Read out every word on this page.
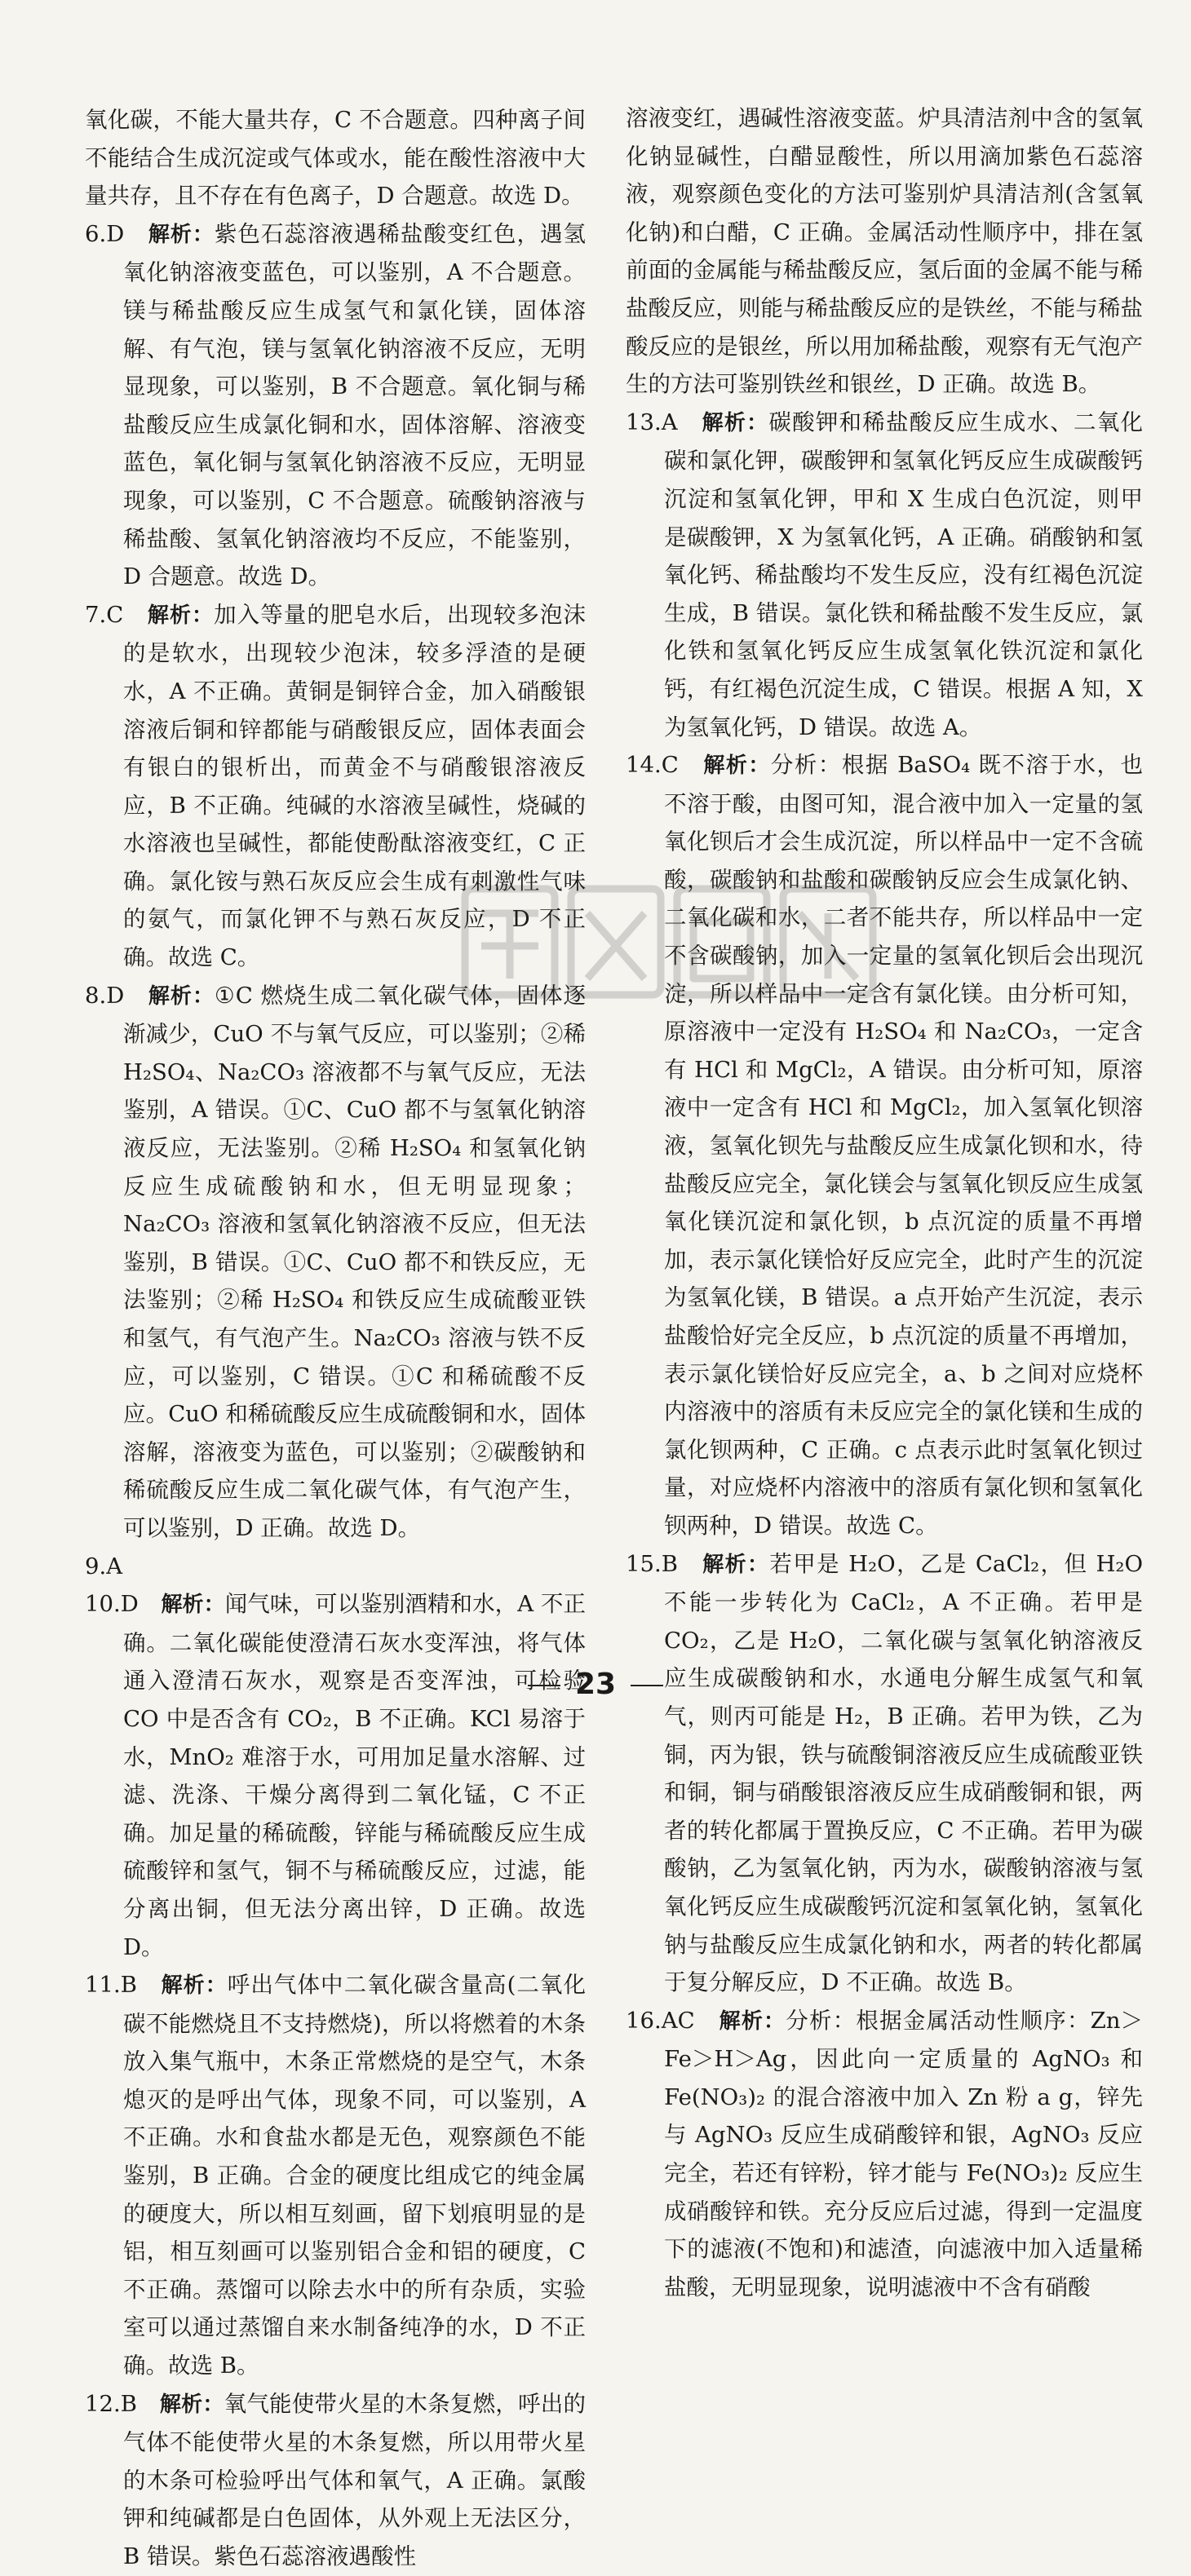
氧化碳，不能大量共存，C 不合题意。四种离子间不能结合生成沉淀或气体或水，能在酸性溶液中大量共存，且不存在有色离子，D 合题意。故选 D。

6.D　 解析：紫色石蕊溶液遇稀盐酸变红色，遇氢氧化钠溶液变蓝色，可以鉴别，A 不合题意。镁与稀盐酸反应生成氢气和氯化镁，固体溶解、有气泡，镁与氢氧化钠溶液不反应，无明显现象，可以鉴别，B 不合题意。氧化铜与稀盐酸反应生成氯化铜和水，固体溶解、溶液变蓝色，氧化铜与氢氧化钠溶液不反应，无明显现象，可以鉴别，C 不合题意。硫酸钠溶液与稀盐酸、氢氧化钠溶液均不反应，不能鉴别，D 合题意。故选 D。

7.C　 解析：加入等量的肥皂水后，出现较多泡沫的是软水，出现较少泡沫，较多浮渣的是硬水，A 不正确。黄铜是铜锌合金，加入硝酸银溶液后铜和锌都能与硝酸银反应，固体表面会有银白的银析出，而黄金不与硝酸银溶液反应，B 不正确。纯碱的水溶液呈碱性，烧碱的水溶液也呈碱性，都能使酚酞溶液变红，C 正确。氯化铵与熟石灰反应会生成有刺激性气味的氨气，而氯化钾不与熟石灰反应，D 不正确。故选 C。

8.D　 解析：①C 燃烧生成二氧化碳气体，固体逐渐减少，CuO 不与氧气反应，可以鉴别；②稀 H₂SO₄、Na₂CO₃ 溶液都不与氧气反应，无法鉴别，A 错误。①C、CuO 都不与氢氧化钠溶液反应，无法鉴别。②稀 H₂SO₄ 和氢氧化钠反应生成硫酸钠和水，但无明显现象；Na₂CO₃ 溶液和氢氧化钠溶液不反应，但无法鉴别，B 错误。①C、CuO 都不和铁反应，无法鉴别；②稀 H₂SO₄ 和铁反应生成硫酸亚铁和氢气，有气泡产生。Na₂CO₃ 溶液与铁不反应，可以鉴别，C 错误。①C 和稀硫酸不反应。CuO 和稀硫酸反应生成硫酸铜和水，固体溶解，溶液变为蓝色，可以鉴别；②碳酸钠和稀硫酸反应生成二氧化碳气体，有气泡产生，可以鉴别，D 正确。故选 D。

9.A

10.D　 解析：闻气味，可以鉴别酒精和水，A 不正确。二氧化碳能使澄清石灰水变浑浊，将气体通入澄清石灰水，观察是否变浑浊，可检验 CO 中是否含有 CO₂，B 不正确。KCl 易溶于水，MnO₂ 难溶于水，可用加足量水溶解、过滤、洗涤、干燥分离得到二氧化锰，C 不正确。加足量的稀硫酸，锌能与稀硫酸反应生成硫酸锌和氢气，铜不与稀硫酸反应，过滤，能分离出铜，但无法分离出锌，D 正确。故选 D。

11.B　 解析：呼出气体中二氧化碳含量高(二氧化碳不能燃烧且不支持燃烧)，所以将燃着的木条放入集气瓶中，木条正常燃烧的是空气，木条熄灭的是呼出气体，现象不同，可以鉴别，A 不正确。水和食盐水都是无色，观察颜色不能鉴别，B 正确。合金的硬度比组成它的纯金属的硬度大，所以相互刻画，留下划痕明显的是铝，相互刻画可以鉴别铝合金和铝的硬度，C 不正确。蒸馏可以除去水中的所有杂质，实验室可以通过蒸馏自来水制备纯净的水，D 不正确。故选 B。

12.B　 解析：氧气能使带火星的木条复燃，呼出的气体不能使带火星的木条复燃，所以用带火星的木条可检验呼出气体和氧气，A 正确。氯酸钾和纯碱都是白色固体，从外观上无法区分，B 错误。紫色石蕊溶液遇酸性

溶液变红，遇碱性溶液变蓝。炉具清洁剂中含的氢氧化钠显碱性，白醋显酸性，所以用滴加紫色石蕊溶液，观察颜色变化的方法可鉴别炉具清洁剂(含氢氧化钠)和白醋，C 正确。金属活动性顺序中，排在氢前面的金属能与稀盐酸反应，氢后面的金属不能与稀盐酸反应，则能与稀盐酸反应的是铁丝，不能与稀盐酸反应的是银丝，所以用加稀盐酸，观察有无气泡产生的方法可鉴别铁丝和银丝，D 正确。故选 B。

13.A　 解析：碳酸钾和稀盐酸反应生成水、二氧化碳和氯化钾，碳酸钾和氢氧化钙反应生成碳酸钙沉淀和氢氧化钾，甲和 X 生成白色沉淀，则甲是碳酸钾，X 为氢氧化钙，A 正确。硝酸钠和氢氧化钙、稀盐酸均不发生反应，没有红褐色沉淀生成，B 错误。氯化铁和稀盐酸不发生反应，氯化铁和氢氧化钙反应生成氢氧化铁沉淀和氯化钙，有红褐色沉淀生成，C 错误。根据 A 知，X 为氢氧化钙，D 错误。故选 A。

14.C　 解析：分析：根据 BaSO₄ 既不溶于水，也不溶于酸，由图可知，混合液中加入一定量的氢氧化钡后才会生成沉淀，所以样品中一定不含硫酸，碳酸钠和盐酸和碳酸钠反应会生成氯化钠、二氧化碳和水，二者不能共存，所以样品中一定不含碳酸钠，加入一定量的氢氧化钡后会出现沉淀，所以样品中一定含有氯化镁。由分析可知，原溶液中一定没有 H₂SO₄ 和 Na₂CO₃，一定含有 HCl 和 MgCl₂，A 错误。由分析可知，原溶液中一定含有 HCl 和 MgCl₂，加入氢氧化钡溶液，氢氧化钡先与盐酸反应生成氯化钡和水，待盐酸反应完全，氯化镁会与氢氧化钡反应生成氢氧化镁沉淀和氯化钡，b 点沉淀的质量不再增加，表示氯化镁恰好反应完全，此时产生的沉淀为氢氧化镁，B 错误。a 点开始产生沉淀，表示盐酸恰好完全反应，b 点沉淀的质量不再增加，表示氯化镁恰好反应完全，a、b 之间对应烧杯内溶液中的溶质有未反应完全的氯化镁和生成的氯化钡两种，C 正确。c 点表示此时氢氧化钡过量，对应烧杯内溶液中的溶质有氯化钡和氢氧化钡两种，D 错误。故选 C。

15.B　 解析：若甲是 H₂O，乙是 CaCl₂，但 H₂O 不能一步转化为 CaCl₂，A 不正确。若甲是 CO₂，乙是 H₂O，二氧化碳与氢氧化钠溶液反应生成碳酸钠和水，水通电分解生成氢气和氧气，则丙可能是 H₂，B 正确。若甲为铁，乙为铜，丙为银，铁与硫酸铜溶液反应生成硫酸亚铁和铜，铜与硝酸银溶液反应生成硝酸铜和银，两者的转化都属于置换反应，C 不正确。若甲为碳酸钠，乙为氢氧化钠，丙为水，碳酸钠溶液与氢氧化钙反应生成碳酸钙沉淀和氢氧化钠，氢氧化钠与盐酸反应生成氯化钠和水，两者的转化都属于复分解反应，D 不正确。故选 B。

16.AC　 解析：分析：根据金属活动性顺序：Zn＞Fe＞H＞Ag，因此向一定质量的 AgNO₃ 和 Fe(NO₃)₂ 的混合溶液中加入 Zn 粉 a g，锌先与 AgNO₃ 反应生成硝酸锌和银，AgNO₃ 反应完全，若还有锌粉，锌才能与 Fe(NO₃)₂ 反应生成硝酸锌和铁。充分反应后过滤，得到一定温度下的滤液(不饱和)和滤渣，向滤液中加入适量稀盐酸，无明显现象，说明滤液中不含有硝酸

23
